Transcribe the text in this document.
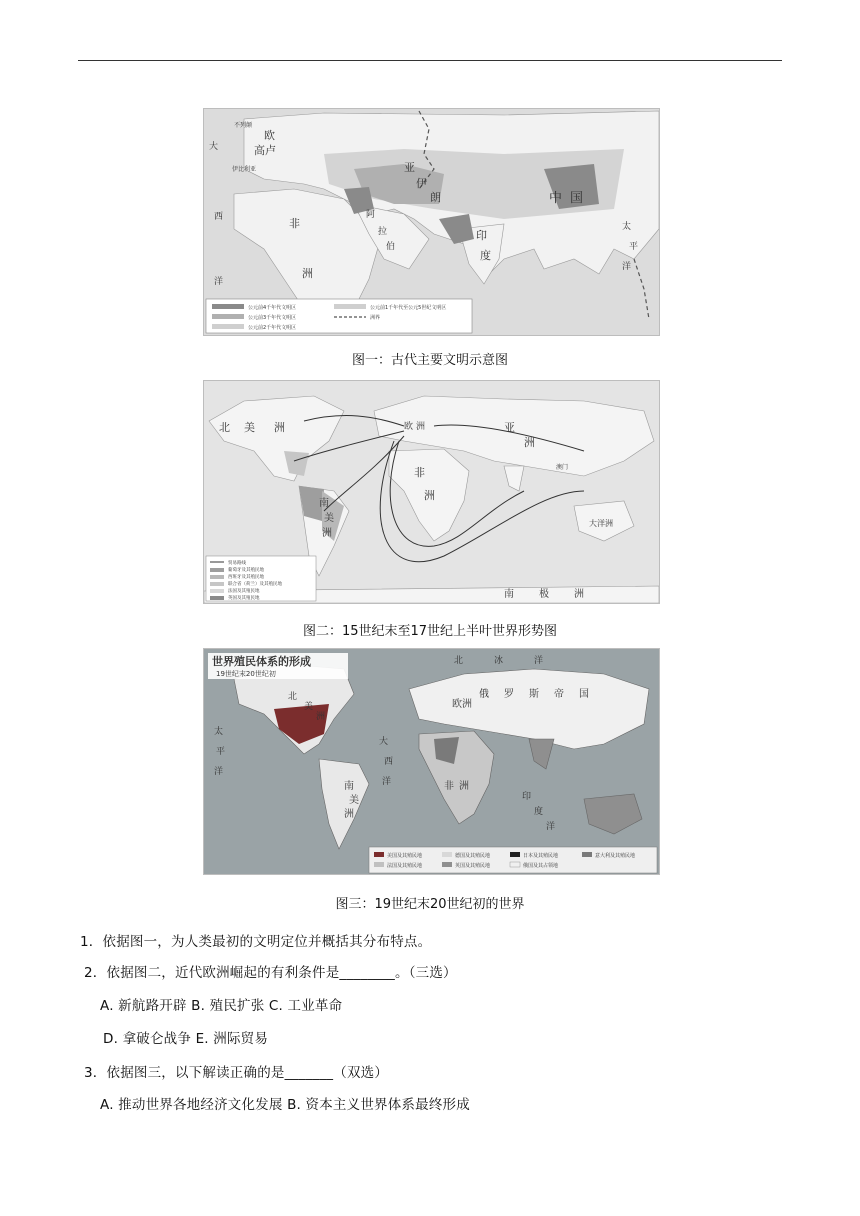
公元前4千年代文明区
公元前3千年代文明区
公元前2千年代文明区
公元前1千年代至公元5世纪文明区
洲界
不列颠
欧
高卢
伊比利亚	亚
伊
朗	中 国
印
度
阿
拉
伯
非
洲
太
平
洋
大
西
洋
图一：古代主要文明示意图
贸易路线
葡萄牙及其殖民地
西班牙及其殖民地
联合省（荷兰）及其殖民地
法国及其殖民地
英国及其殖民地
北 美 洲
南
美
洲
欧 洲	亚
洲
非
洲
大洋洲
南	极	洲
澳门
图二：15世纪末至17世纪上半叶世界形势图
世界殖民体系的形成
19世纪末20世纪初
美国及其殖民地	德国及其殖民地	日本及其殖民地	意大利及其殖民地
法国及其殖民地	英国及其殖民地	俄国及其占领地
北
美
洲
南
美
洲
欧洲
俄 罗 斯 帝 国
非 洲
太
平
洋
大
西
洋
北	冰	洋
印
度
洋
图三：19世纪末20世纪初的世界
1．依据图一，为人类最初的文明定位并概括其分布特点。
2．依据图二，近代欧洲崛起的有利条件是________。（三选）
A. 新航路开辟 B. 殖民扩张 C. 工业革命
D. 拿破仑战争 E. 洲际贸易
3．依据图三，以下解读正确的是_______（双选）
A. 推动世界各地经济文化发展 B. 资本主义世界体系最终形成
